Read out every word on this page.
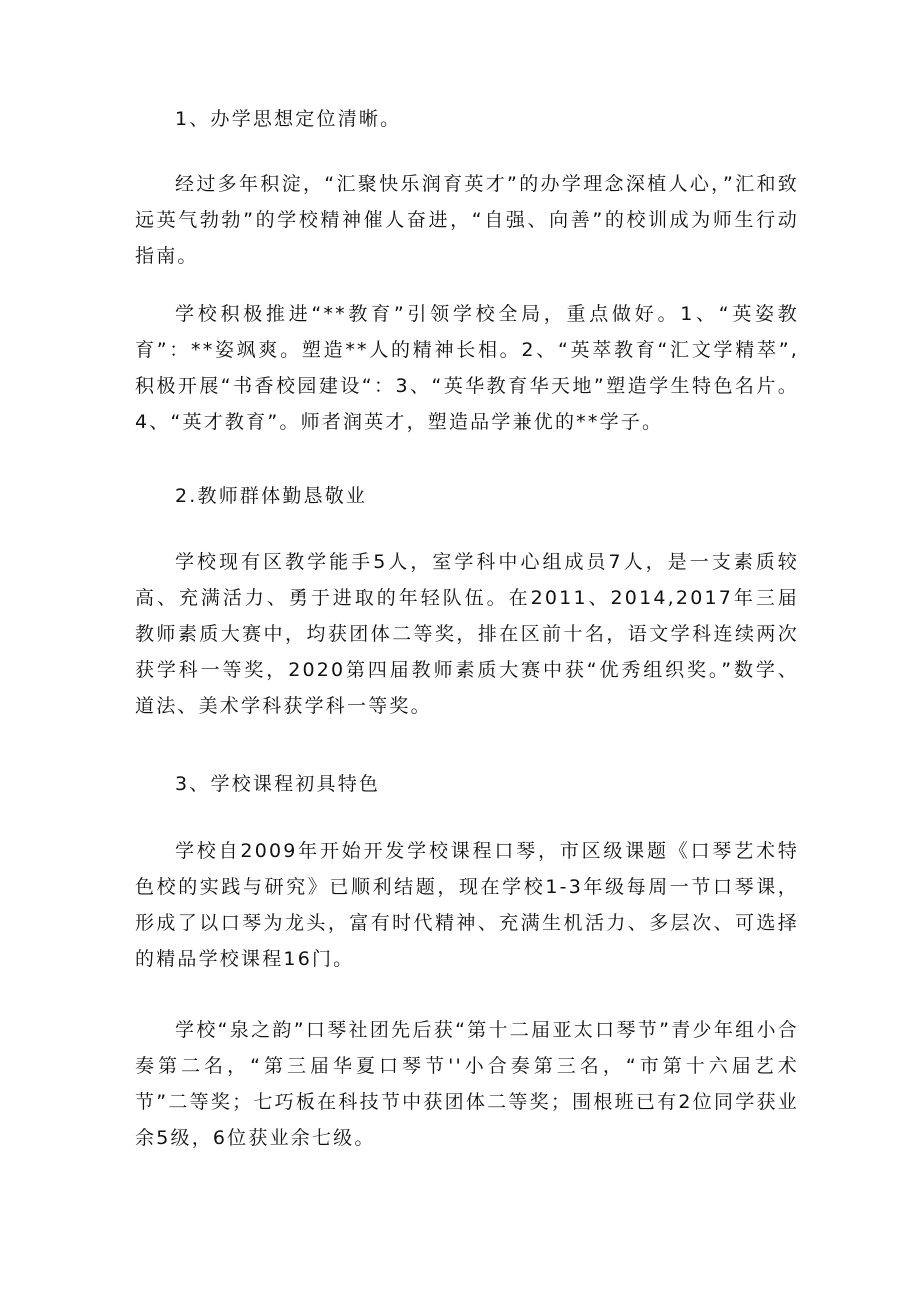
1、办学思想定位清晰。

经过多年积淀，“汇聚快乐润育英才”的办学理念深植人心，”汇和致远英气勃勃”的学校精神催人奋进，“自强、向善”的校训成为师生行动指南。

学校积极推进“**教育”引领学校全局，重点做好。1、“英姿教育”：**姿飒爽。塑造**人的精神长相。2、“英萃教育“汇文学精萃”,积极开展“书香校园建设“：3、“英华教育华天地”塑造学生特色名片。4、“英才教育”。师者润英才，塑造品学兼优的**学子。

2.教师群体勤恳敬业

学校现有区教学能手5人，室学科中心组成员7人，是一支素质较高、充满活力、勇于进取的年轻队伍。在2011、2014,2017年三届教师素质大赛中，均获团体二等奖，排在区前十名，语文学科连续两次获学科一等奖，2020第四届教师素质大赛中获“优秀组织奖。”数学、道法、美术学科获学科一等奖。

3、学校课程初具特色

学校自2009年开始开发学校课程口琴，市区级课题《口琴艺术特色校的实践与研究》已顺利结题，现在学校1-3年级每周一节口琴课，形成了以口琴为龙头，富有时代精神、充满生机活力、多层次、可选择的精品学校课程16门。

学校“泉之韵”口琴社团先后获“第十二届亚太口琴节”青少年组小合奏第二名，“第三届华夏口琴节''小合奏第三名，“市第十六届艺术节”二等奖；七巧板在科技节中获团体二等奖；围根班已有2位同学获业余5级，6位获业余七级。
